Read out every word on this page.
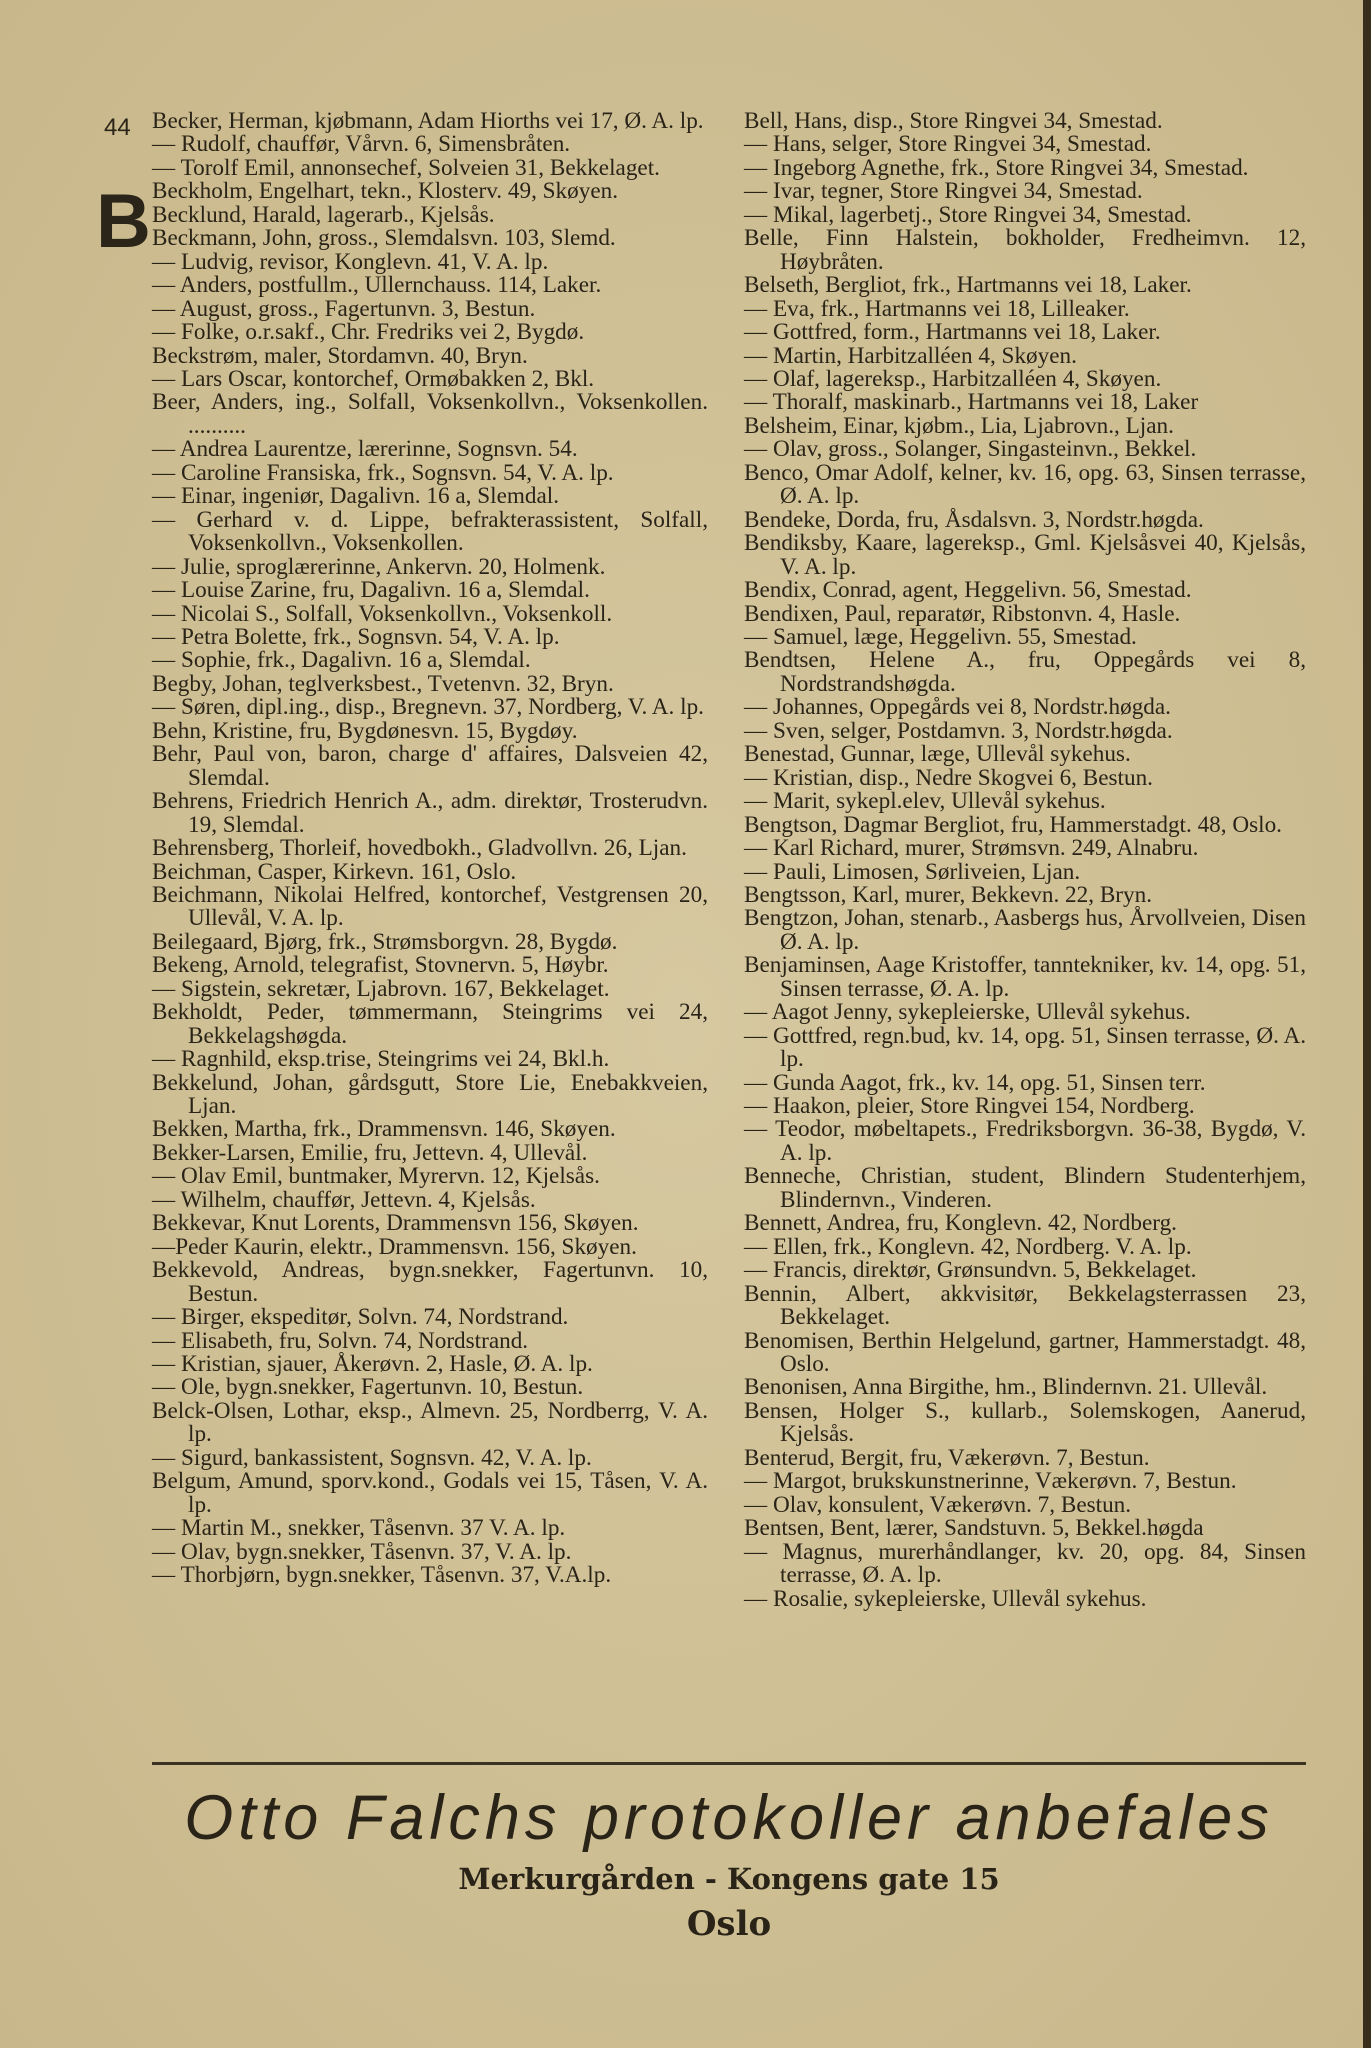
44
B
Becker, Herman, kjøbmann, Adam Hiorths vei 17, Ø. A. lp.
— Rudolf, chauffør, Vårvn. 6, Simensbråten.
— Torolf Emil, annonsechef, Solveien 31, Bekkelaget.
Beckholm, Engelhart, tekn., Klosterv. 49, Skøyen.
Becklund, Harald, lagerarb., Kjelsås.
Beckmann, John, gross., Slemdalsvn. 103, Slemd.
— Ludvig, revisor, Konglevn. 41, V. A. lp.
— Anders, postfullm., Ullernchauss. 114, Laker.
— August, gross., Fagertunvn. 3, Bestun.
— Folke, o.r.sakf., Chr. Fredriks vei 2, Bygdø.
Beckstrøm, maler, Stordamvn. 40, Bryn.
— Lars Oscar, kontorchef, Ormøbakken 2, Bkl.
Beer, Anders, ing., Solfall, Voksenkollvn., Voksenkollen. ..........
— Andrea Laurentze, lærerinne, Sognsvn. 54.
— Caroline Fransiska, frk., Sognsvn. 54, V. A. lp.
— Einar, ingeniør, Dagalivn. 16 a, Slemdal.
— Gerhard v. d. Lippe, befrakterassistent, Solfall, Voksenkollvn., Voksenkollen.
— Julie, sproglærerinne, Ankervn. 20, Holmenk.
— Louise Zarine, fru, Dagalivn. 16 a, Slemdal.
— Nicolai S., Solfall, Voksenkollvn., Voksenkoll.
— Petra Bolette, frk., Sognsvn. 54, V. A. lp.
— Sophie, frk., Dagalivn. 16 a, Slemdal.
Begby, Johan, teglverksbest., Tvetenvn. 32, Bryn.
— Søren, dipl.ing., disp., Bregnevn. 37, Nordberg, V. A. lp.
Behn, Kristine, fru, Bygdønesvn. 15, Bygdøy.
Behr, Paul von, baron, charge d' affaires, Dalsveien 42, Slemdal.
Behrens, Friedrich Henrich A., adm. direktør, Trosterudvn. 19, Slemdal.
Behrensberg, Thorleif, hovedbokh., Gladvollvn. 26, Ljan.
Beichman, Casper, Kirkevn. 161, Oslo.
Beichmann, Nikolai Helfred, kontorchef, Vestgrensen 20, Ullevål, V. A. lp.
Beilegaard, Bjørg, frk., Strømsborgvn. 28, Bygdø.
Bekeng, Arnold, telegrafist, Stovnervn. 5, Høybr.
— Sigstein, sekretær, Ljabrovn. 167, Bekkelaget.
Bekholdt, Peder, tømmermann, Steingrims vei 24, Bekkelagshøgda.
— Ragnhild, eksp.trise, Steingrims vei 24, Bkl.h.
Bekkelund, Johan, gårdsgutt, Store Lie, Enebakkveien, Ljan.
Bekken, Martha, frk., Drammensvn. 146, Skøyen.
Bekker-Larsen, Emilie, fru, Jettevn. 4, Ullevål.
— Olav Emil, buntmaker, Myrervn. 12, Kjelsås.
— Wilhelm, chauffør, Jettevn. 4, Kjelsås.
Bekkevar, Knut Lorents, Drammensvn 156, Skøyen.
—Peder Kaurin, elektr., Drammensvn. 156, Skøyen.
Bekkevold, Andreas, bygn.snekker, Fagertunvn. 10, Bestun.
— Birger, ekspeditør, Solvn. 74, Nordstrand.
— Elisabeth, fru, Solvn. 74, Nordstrand.
— Kristian, sjauer, Åkerøvn. 2, Hasle, Ø. A. lp.
— Ole, bygn.snekker, Fagertunvn. 10, Bestun.
Belck-Olsen, Lothar, eksp., Almevn. 25, Nordberrg, V. A. lp.
— Sigurd, bankassistent, Sognsvn. 42, V. A. lp.
Belgum, Amund, sporv.kond., Godals vei 15, Tåsen, V. A. lp.
— Martin M., snekker, Tåsenvn. 37 V. A. lp.
— Olav, bygn.snekker, Tåsenvn. 37, V. A. lp.
— Thorbjørn, bygn.snekker, Tåsenvn. 37, V.A.lp.
Bell, Hans, disp., Store Ringvei 34, Smestad.
— Hans, selger, Store Ringvei 34, Smestad.
— Ingeborg Agnethe, frk., Store Ringvei 34, Smestad.
— Ivar, tegner, Store Ringvei 34, Smestad.
— Mikal, lagerbetj., Store Ringvei 34, Smestad.
Belle, Finn Halstein, bokholder, Fredheimvn. 12, Høybråten.
Belseth, Bergliot, frk., Hartmanns vei 18, Laker.
— Eva, frk., Hartmanns vei 18, Lilleaker.
— Gottfred, form., Hartmanns vei 18, Laker.
— Martin, Harbitzalléen 4, Skøyen.
— Olaf, lagereksp., Harbitzalléen 4, Skøyen.
— Thoralf, maskinarb., Hartmanns vei 18, Laker
Belsheim, Einar, kjøbm., Lia, Ljabrovn., Ljan.
— Olav, gross., Solanger, Singasteinvn., Bekkel.
Benco, Omar Adolf, kelner, kv. 16, opg. 63, Sinsen terrasse, Ø. A. lp.
Bendeke, Dorda, fru, Åsdalsvn. 3, Nordstr.høgda.
Bendiksby, Kaare, lagereksp., Gml. Kjelsåsvei 40, Kjelsås, V. A. lp.
Bendix, Conrad, agent, Heggelivn. 56, Smestad.
Bendixen, Paul, reparatør, Ribstonvn. 4, Hasle.
— Samuel, læge, Heggelivn. 55, Smestad.
Bendtsen, Helene A., fru, Oppegårds vei 8, Nordstrandshøgda.
— Johannes, Oppegårds vei 8, Nordstr.høgda.
— Sven, selger, Postdamvn. 3, Nordstr.høgda.
Benestad, Gunnar, læge, Ullevål sykehus.
— Kristian, disp., Nedre Skogvei 6, Bestun.
— Marit, sykepl.elev, Ullevål sykehus.
Bengtson, Dagmar Bergliot, fru, Hammerstadgt. 48, Oslo.
— Karl Richard, murer, Strømsvn. 249, Alnabru.
— Pauli, Limosen, Sørliveien, Ljan.
Bengtsson, Karl, murer, Bekkevn. 22, Bryn.
Bengtzon, Johan, stenarb., Aasbergs hus, Årvollveien, Disen Ø. A. lp.
Benjaminsen, Aage Kristoffer, tanntekniker, kv. 14, opg. 51, Sinsen terrasse, Ø. A. lp.
— Aagot Jenny, sykepleierske, Ullevål sykehus.
— Gottfred, regn.bud, kv. 14, opg. 51, Sinsen terrasse, Ø. A. lp.
— Gunda Aagot, frk., kv. 14, opg. 51, Sinsen terr.
— Haakon, pleier, Store Ringvei 154, Nordberg.
— Teodor, møbeltapets., Fredriksborgvn. 36-38, Bygdø, V. A. lp.
Benneche, Christian, student, Blindern Studenterhjem, Blindernvn., Vinderen.
Bennett, Andrea, fru, Konglevn. 42, Nordberg.
— Ellen, frk., Konglevn. 42, Nordberg. V. A. lp.
— Francis, direktør, Grønsundvn. 5, Bekkelaget.
Bennin, Albert, akkvisitør, Bekkelagsterrassen 23, Bekkelaget.
Benomisen, Berthin Helgelund, gartner, Hammerstadgt. 48, Oslo.
Benonisen, Anna Birgithe, hm., Blindernvn. 21. Ullevål.
Bensen, Holger S., kullarb., Solemskogen, Aanerud, Kjelsås.
Benterud, Bergit, fru, Vækerøvn. 7, Bestun.
— Margot, brukskunstnerinne, Vækerøvn. 7, Bestun.
— Olav, konsulent, Vækerøvn. 7, Bestun.
Bentsen, Bent, lærer, Sandstuvn. 5, Bekkel.høgda
— Magnus, murerhåndlanger, kv. 20, opg. 84, Sinsen terrasse, Ø. A. lp.
— Rosalie, sykepleierske, Ullevål sykehus.
Otto Falchs protokoller anbefales
Merkurgården - Kongens gate 15
Oslo
